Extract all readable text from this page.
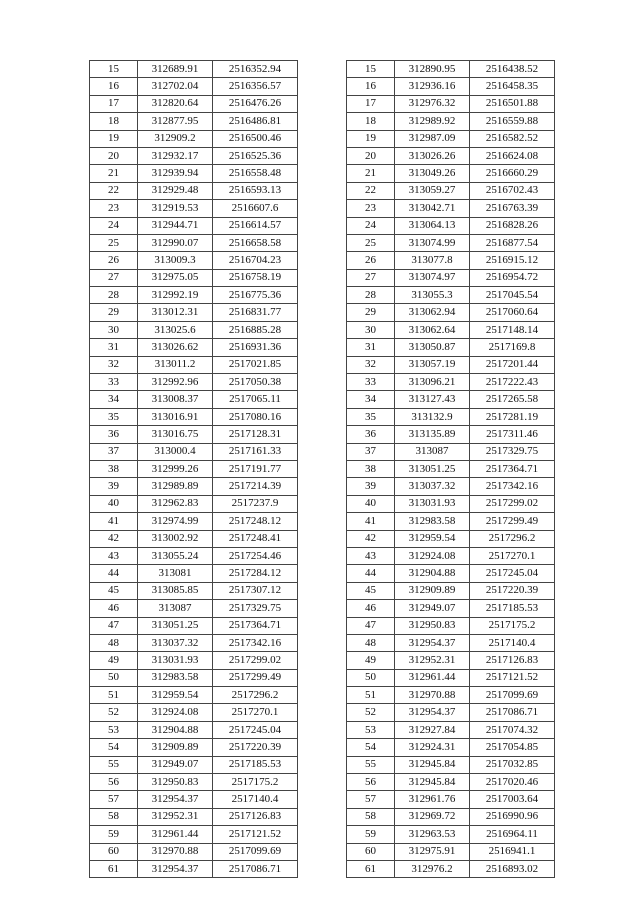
15	312689.91	2516352.94
16	312702.04	2516356.57
17	312820.64	2516476.26
18	312877.95	2516486.81
19	312909.2	2516500.46
20	312932.17	2516525.36
21	312939.94	2516558.48
22	312929.48	2516593.13
23	312919.53	2516607.6
24	312944.71	2516614.57
25	312990.07	2516658.58
26	313009.3	2516704.23
27	312975.05	2516758.19
28	312992.19	2516775.36
29	313012.31	2516831.77
30	313025.6	2516885.28
31	313026.62	2516931.36
32	313011.2	2517021.85
33	312992.96	2517050.38
34	313008.37	2517065.11
35	313016.91	2517080.16
36	313016.75	2517128.31
37	313000.4	2517161.33
38	312999.26	2517191.77
39	312989.89	2517214.39
40	312962.83	2517237.9
41	312974.99	2517248.12
42	313002.92	2517248.41
43	313055.24	2517254.46
44	313081	2517284.12
45	313085.85	2517307.12
46	313087	2517329.75
47	313051.25	2517364.71
48	313037.32	2517342.16
49	313031.93	2517299.02
50	312983.58	2517299.49
51	312959.54	2517296.2
52	312924.08	2517270.1
53	312904.88	2517245.04
54	312909.89	2517220.39
55	312949.07	2517185.53
56	312950.83	2517175.2
57	312954.37	2517140.4
58	312952.31	2517126.83
59	312961.44	2517121.52
60	312970.88	2517099.69
61	312954.37	2517086.71
15	312890.95	2516438.52
16	312936.16	2516458.35
17	312976.32	2516501.88
18	312989.92	2516559.88
19	312987.09	2516582.52
20	313026.26	2516624.08
21	313049.26	2516660.29
22	313059.27	2516702.43
23	313042.71	2516763.39
24	313064.13	2516828.26
25	313074.99	2516877.54
26	313077.8	2516915.12
27	313074.97	2516954.72
28	313055.3	2517045.54
29	313062.94	2517060.64
30	313062.64	2517148.14
31	313050.87	2517169.8
32	313057.19	2517201.44
33	313096.21	2517222.43
34	313127.43	2517265.58
35	313132.9	2517281.19
36	313135.89	2517311.46
37	313087	2517329.75
38	313051.25	2517364.71
39	313037.32	2517342.16
40	313031.93	2517299.02
41	312983.58	2517299.49
42	312959.54	2517296.2
43	312924.08	2517270.1
44	312904.88	2517245.04
45	312909.89	2517220.39
46	312949.07	2517185.53
47	312950.83	2517175.2
48	312954.37	2517140.4
49	312952.31	2517126.83
50	312961.44	2517121.52
51	312970.88	2517099.69
52	312954.37	2517086.71
53	312927.84	2517074.32
54	312924.31	2517054.85
55	312945.84	2517032.85
56	312945.84	2517020.46
57	312961.76	2517003.64
58	312969.72	2516990.96
59	312963.53	2516964.11
60	312975.91	2516941.1
61	312976.2	2516893.02
